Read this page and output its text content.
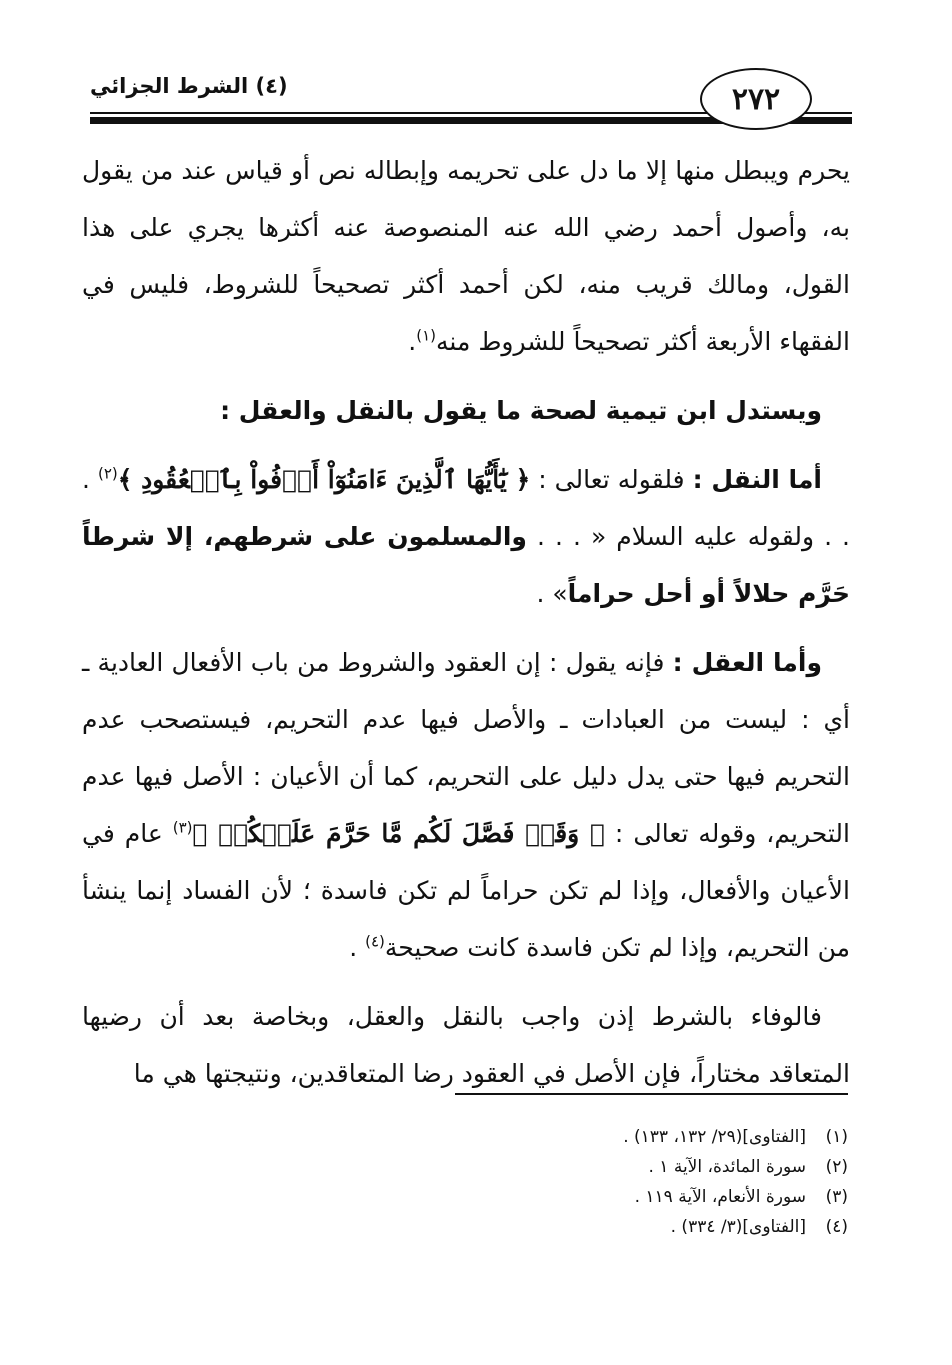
(٤) الشرط الجزائي	٢٧٢

يحرم ويبطل منها إلا ما دل على تحريمه وإبطاله نص أو قياس عند من يقول به، وأصول أحمد رضي الله عنه المنصوصة عنه أكثرها يجري على هذا القول، ومالك قريب منه، لكن أحمد أكثر تصحيحاً للشروط، فليس في الفقهاء الأربعة أكثر تصحيحاً للشروط منه$^{(١)}$.

ويستدل ابن تيمية لصحة ما يقول بالنقل والعقل :
أما النقل : فلقوله تعالى : ﴿ يَٰٓأَيُّهَا ٱلَّذِينَ ءَامَنُوٓاْ أَوۡفُواْ بِٱلۡعُقُودِ ﴾$^{(٢)}$ . . . ولقوله عليه السلام « . . . والمسلمون على شرطهم، إلا شرطاً حَرَّم حلالاً أو أحل حراماً» .
وأما العقل : فإنه يقول : إن العقود والشروط من باب الأفعال العادية ـ أي : ليست من العبادات ـ والأصل فيها عدم التحريم، فيستصحب عدم التحريم فيها حتى يدل دليل على التحريم، كما أن الأعيان : الأصل فيها عدم التحريم، وقوله تعالى : ﴿ وَقَدۡ فَصَّلَ لَكُم مَّا حَرَّمَ عَلَيۡكُمۡ ﴾$^{(٣)}$ عام في الأعيان والأفعال، وإذا لم تكن حراماً لم تكن فاسدة ؛ لأن الفساد إنما ينشأ من التحريم، وإذا لم تكن فاسدة كانت صحيحة$^{(٤)}$ .
فالوفاء بالشرط إذن واجب بالنقل والعقل، وبخاصة بعد أن رضيها المتعاقد مختاراً، فإن الأصل في العقود رضا المتعاقدين، ونتيجتها هي ما
(١)
[الفتاوى](٢٩/ ١٣٢، ١٣٣) .
(٢)
سورة المائدة، الآية ١ .
(٣)
سورة الأنعام، الآية ١١٩ .
(٤)
[الفتاوى](٣/ ٣٣٤) .
